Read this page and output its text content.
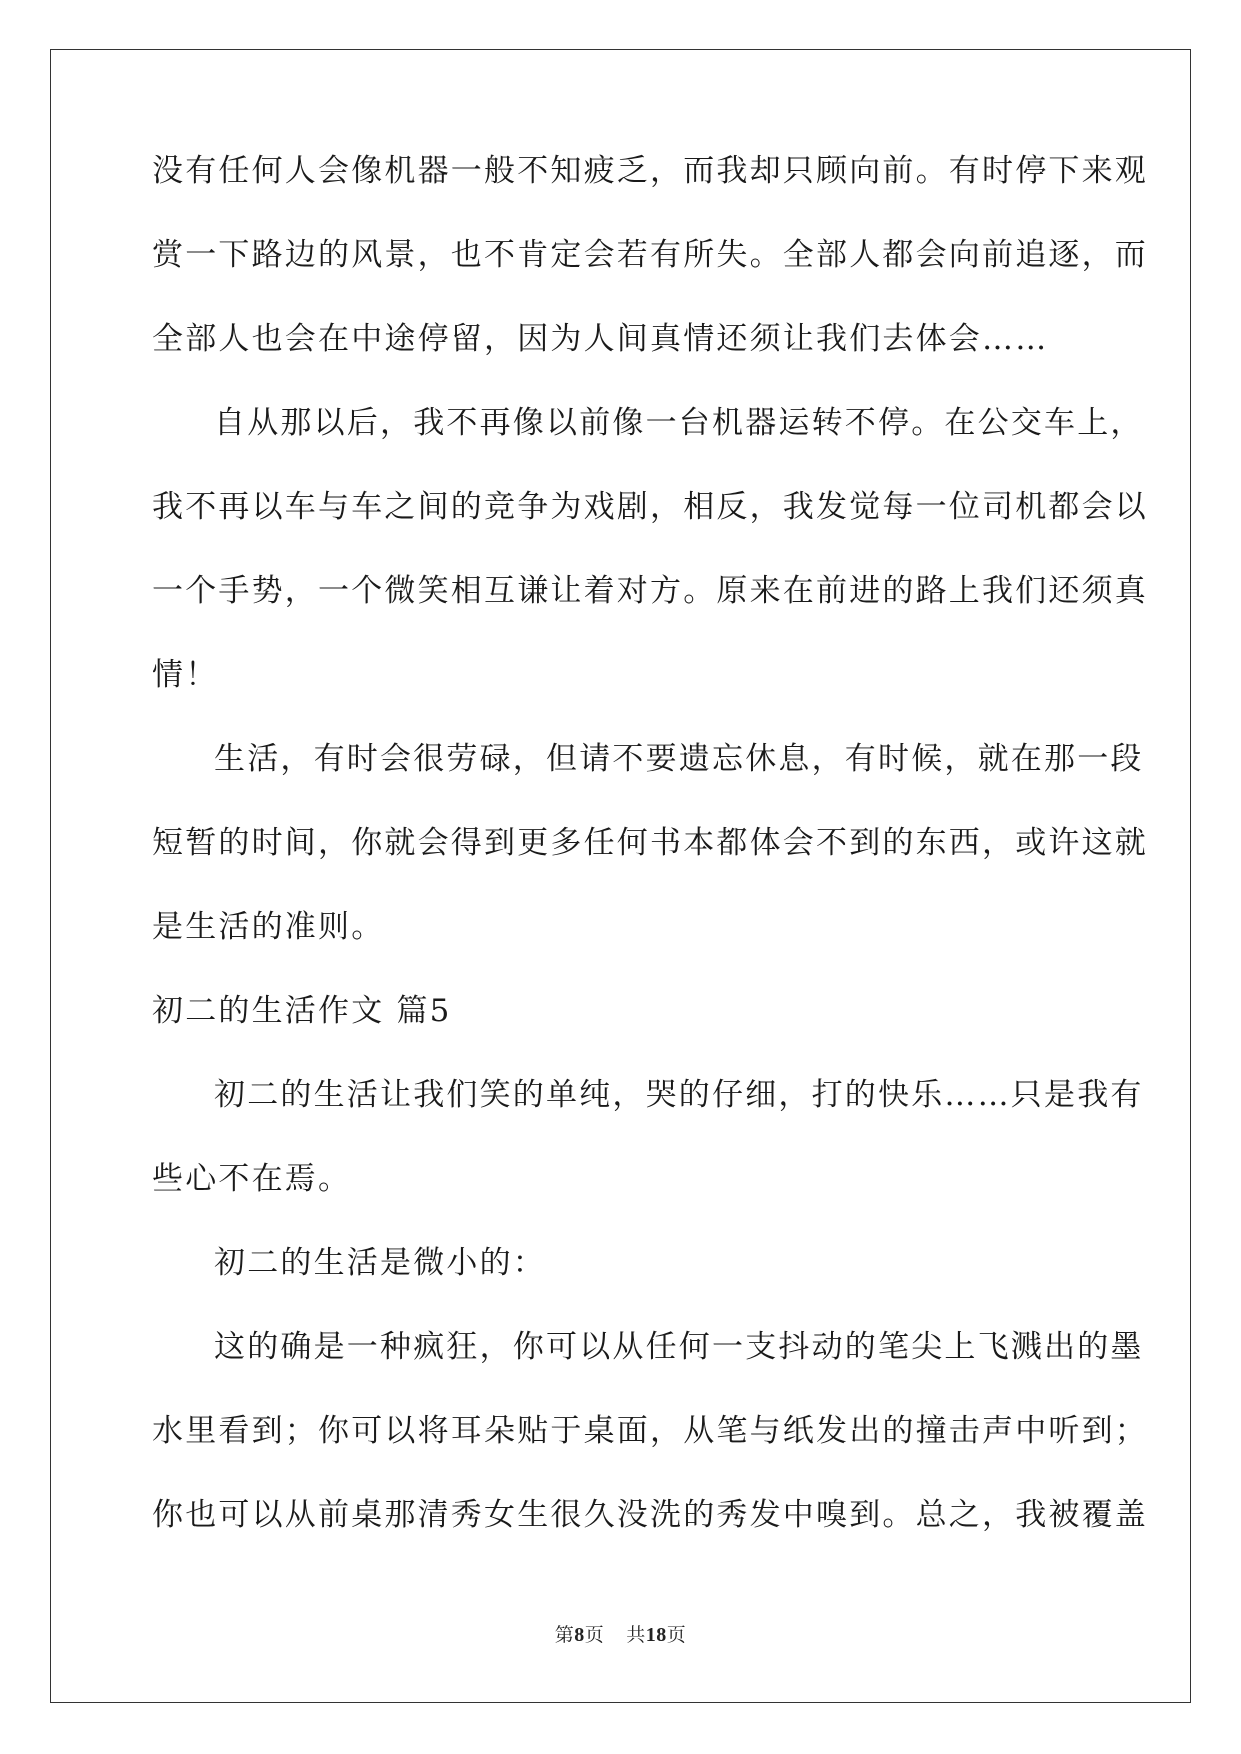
没有任何人会像机器一般不知疲乏，而我却只顾向前。有时停下来观
赏一下路边的风景，也不肯定会若有所失。全部人都会向前追逐，而
全部人也会在中途停留，因为人间真情还须让我们去体会……
自从那以后，我不再像以前像一台机器运转不停。在公交车上，
我不再以车与车之间的竞争为戏剧，相反，我发觉每一位司机都会以
一个手势，一个微笑相互谦让着对方。原来在前进的路上我们还须真
情！
生活，有时会很劳碌，但请不要遗忘休息，有时候，就在那一段
短暂的时间，你就会得到更多任何书本都体会不到的东西，或许这就
是生活的准则。
初二的生活作文 篇5
初二的生活让我们笑的单纯，哭的仔细，打的快乐……只是我有
些心不在焉。
初二的生活是微小的：
这的确是一种疯狂，你可以从任何一支抖动的笔尖上飞溅出的墨
水里看到；你可以将耳朵贴于桌面，从笔与纸发出的撞击声中听到；
你也可以从前桌那清秀女生很久没洗的秀发中嗅到。总之，我被覆盖
第8页 共18页
